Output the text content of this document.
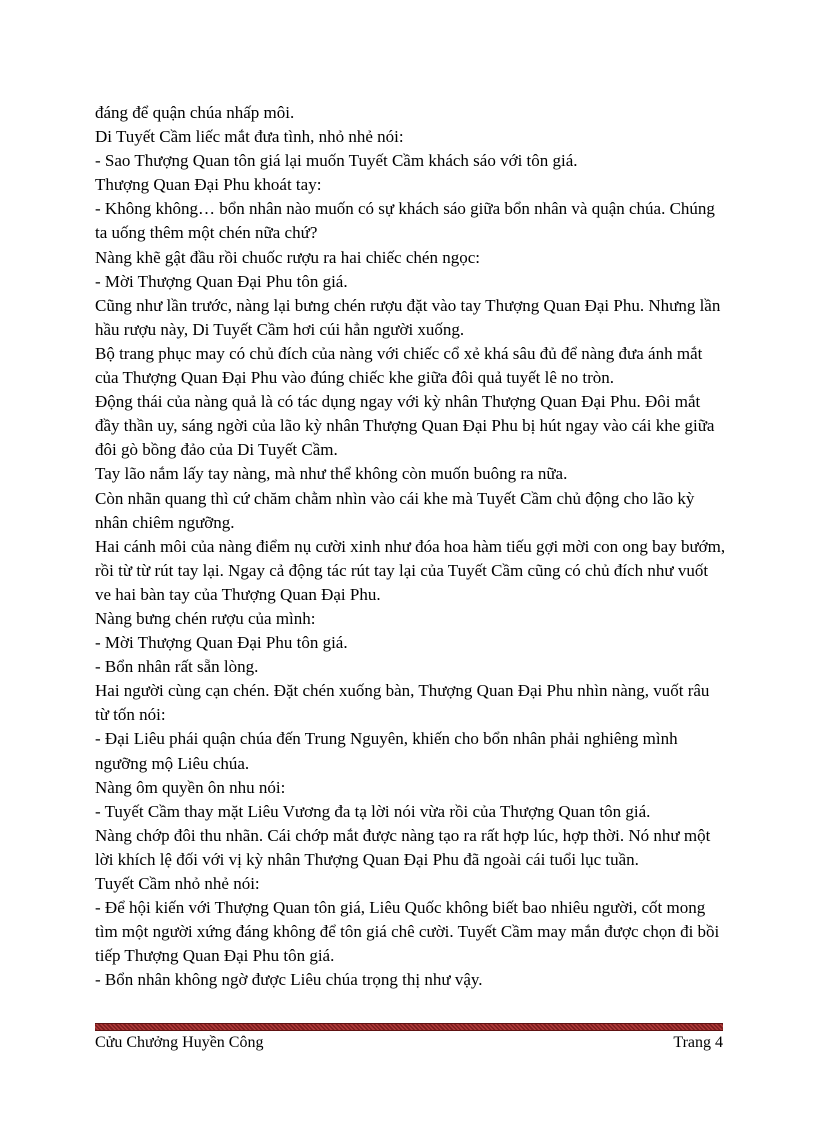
đáng để quận chúa nhấp môi.

Di Tuyết Cầm liếc mắt đưa tình, nhỏ nhẻ nói:

- Sao Thượng Quan tôn giá lại muốn Tuyết Cầm khách sáo với tôn giá.

Thượng Quan Đại Phu khoát tay:

- Không không… bổn nhân nào muốn có sự khách sáo giữa bổn nhân và quận chúa. Chúng ta uống thêm một chén nữa chứ?

Nàng khẽ gật đầu rồi chuốc rượu ra hai chiếc chén ngọc:

- Mời Thượng Quan Đại Phu tôn giá.

Cũng như lần trước, nàng lại bưng chén rượu đặt vào tay Thượng Quan Đại Phu. Nhưng lần hầu rượu này, Di Tuyết Cầm hơi cúi hẳn người xuống.

Bộ trang phục may có chủ đích của nàng với chiếc cổ xẻ khá sâu đủ để nàng đưa ánh mắt của Thượng Quan Đại Phu vào đúng chiếc khe giữa đôi quả tuyết lê no tròn.

Động thái của nàng quả là có tác dụng ngay với kỳ nhân Thượng Quan Đại Phu. Đôi mắt đầy thần uy, sáng ngời của lão kỳ nhân Thượng Quan Đại Phu bị hút ngay vào cái khe giữa đôi gò bồng đảo của Di Tuyết Cầm.

Tay lão nắm lấy tay nàng, mà như thể không còn muốn buông ra nữa.

Còn nhãn quang thì cứ chăm chằm nhìn vào cái khe mà Tuyết Cầm chủ động cho lão kỳ nhân chiêm ngưỡng.

Hai cánh môi của nàng điểm nụ cười xinh như đóa hoa hàm tiếu gợi mời con ong bay bướm, rồi từ từ rút tay lại. Ngay cả động tác rút tay lại của Tuyết Cầm cũng có chủ đích như vuốt ve hai bàn tay của Thượng Quan Đại Phu.

Nàng bưng chén rượu của mình:

- Mời Thượng Quan Đại Phu tôn giá.

- Bổn nhân rất sẵn lòng.

Hai người cùng cạn chén. Đặt chén xuống bàn, Thượng Quan Đại Phu nhìn nàng, vuốt râu từ tốn nói:

- Đại Liêu phái quận chúa đến Trung Nguyên, khiến cho bổn nhân phải nghiêng mình ngưỡng mộ Liêu chúa.

Nàng ôm quyền ôn nhu nói:

- Tuyết Cầm thay mặt Liêu Vương đa tạ lời nói vừa rồi của Thượng Quan tôn giá.

Nàng chớp đôi thu nhãn. Cái chớp mắt được nàng tạo ra rất hợp lúc, hợp thời. Nó như một lời khích lệ đối với vị kỳ nhân Thượng Quan Đại Phu đã ngoài cái tuổi lục tuần.

Tuyết Cầm nhỏ nhẻ nói:

- Để hội kiến với Thượng Quan tôn giá, Liêu Quốc không biết bao nhiêu người, cốt mong tìm một người xứng đáng không để tôn giá chê cười. Tuyết Cầm may mắn được chọn đi bồi tiếp Thượng Quan Đại Phu tôn giá.

- Bổn nhân không ngờ được Liêu chúa trọng thị như vậy.

Cửu Chưởng Huyền Công	Trang 4
